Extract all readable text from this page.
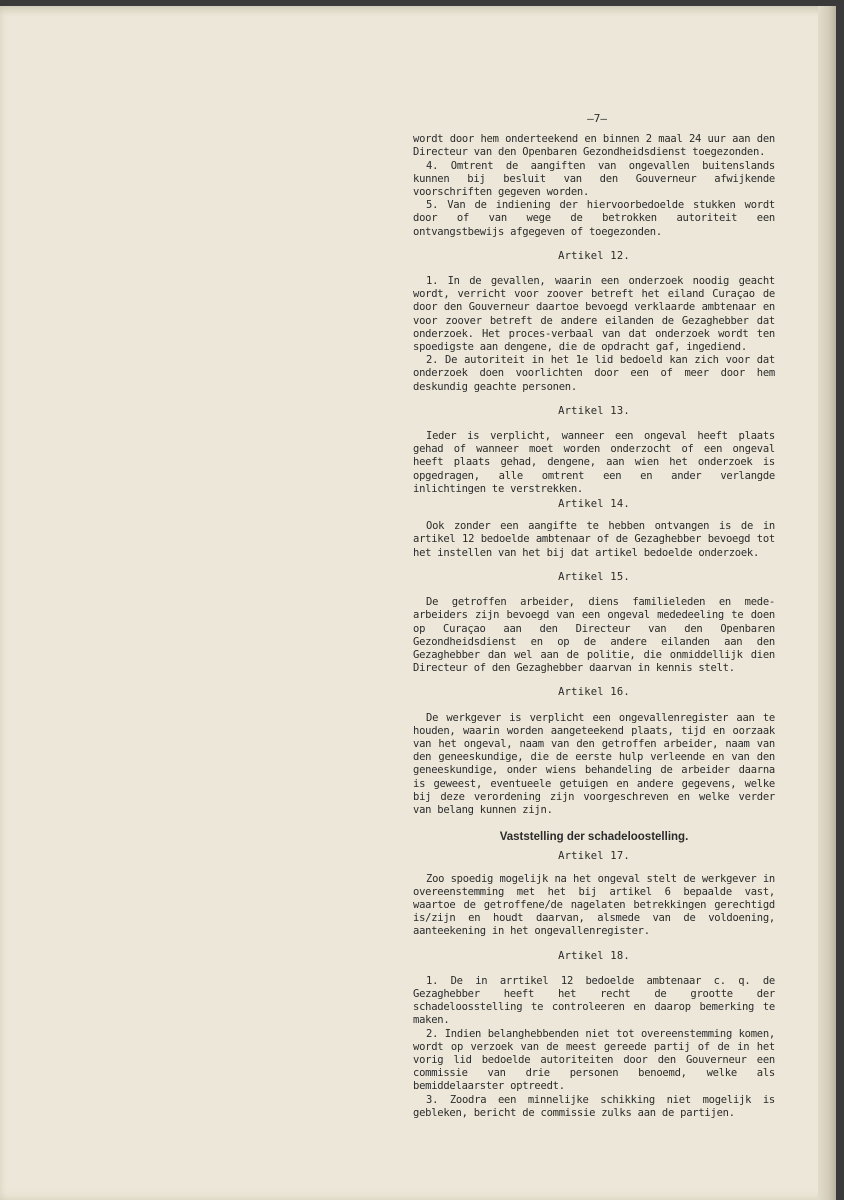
—7—

wordt door hem onderteekend en binnen 2 maal 24 uur aan den Directeur van den Openbaren Gezondheidsdienst toegezonden.

4. Omtrent de aangiften van ongevallen buitenslands kunnen bij besluit van den Gouverneur afwijkende voorschriften gegeven worden.

5. Van de indiening der hiervoorbedoelde stukken wordt door of van wege de betrokken autoriteit een ontvangstbewijs afgegeven of toegezonden.

Artikel 12.

1. In de gevallen, waarin een onderzoek noodig geacht wordt, verricht voor zoover betreft het eiland Curaçao de door den Gouverneur daartoe bevoegd verklaarde ambtenaar en voor zoover betreft de andere eilanden de Gezaghebber dat onderzoek. Het proces-verbaal van dat onderzoek wordt ten spoedigste aan dengene, die de opdracht gaf, ingediend.

2. De autoriteit in het 1e lid bedoeld kan zich voor dat onderzoek doen voorlichten door een of meer door hem deskundig geachte personen.

Artikel 13.

Ieder is verplicht, wanneer een ongeval heeft plaats gehad of wanneer moet worden onderzocht of een ongeval heeft plaats gehad, dengene, aan wien het onderzoek is opgedragen, alle omtrent een en ander verlangde inlichtingen te verstrekken.

Artikel 14.

Ook zonder een aangifte te hebben ontvangen is de in artikel 12 bedoelde ambtenaar of de Gezaghebber bevoegd tot het instellen van het bij dat artikel bedoelde onderzoek.

Artikel 15.

De getroffen arbeider, diens familieleden en mede-arbeiders zijn bevoegd van een ongeval mededeeling te doen op Curaçao aan den Directeur van den Openbaren Gezondheidsdienst en op de andere eilanden aan den Gezaghebber dan wel aan de politie, die onmiddellijk dien Directeur of den Gezaghebber daarvan in kennis stelt.

Artikel 16.

De werkgever is verplicht een ongevallenregister aan te houden, waarin worden aangeteekend plaats, tijd en oorzaak van het ongeval, naam van den getroffen arbeider, naam van den geneeskundige, die de eerste hulp verleende en van den geneeskundige, onder wiens behandeling de arbeider daarna is geweest, eventueele getuigen en andere gegevens, welke bij deze verordening zijn voorgeschreven en welke verder van belang kunnen zijn.

Vaststelling der schadeloostelling.
Artikel 17.

Zoo spoedig mogelijk na het ongeval stelt de werkgever in overeenstemming met het bij artikel 6 bepaalde vast, waartoe de getroffene/de nagelaten betrekkingen gerechtigd is/zijn en houdt daarvan, alsmede van de voldoening, aanteekening in het ongevallenregister.

Artikel 18.

1. De in arrtikel 12 bedoelde ambtenaar c. q. de Gezaghebber heeft het recht de grootte der schadeloosstelling te controleeren en daarop bemerking te maken.

2. Indien belanghebbenden niet tot overeenstemming komen, wordt op verzoek van de meest gereede partij of de in het vorig lid bedoelde autoriteiten door den Gouverneur een commissie van drie personen benoemd, welke als bemiddelaarster optreedt.

3. Zoodra een minnelijke schikking niet mogelijk is gebleken, bericht de commissie zulks aan de partijen.
